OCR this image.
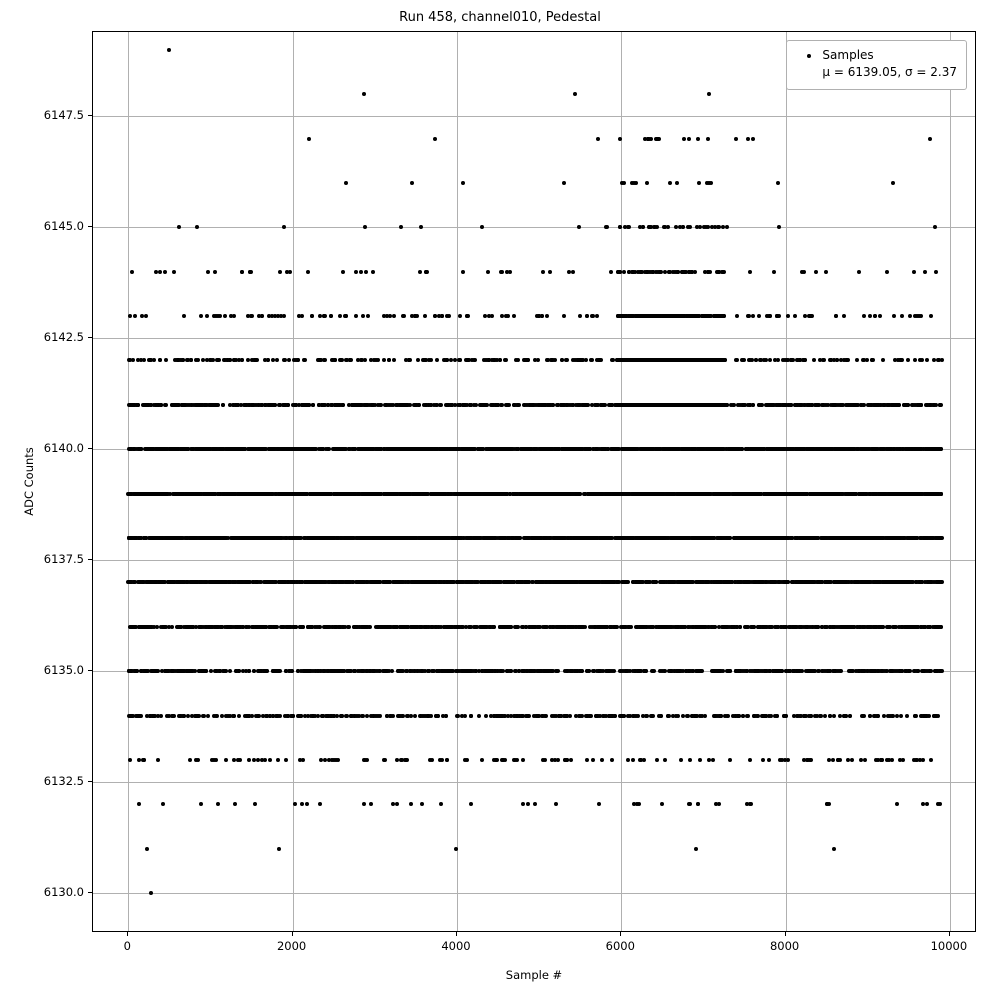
Run 458, channel010, Pedestal
Samples
μ = 6139.05, σ = 2.37
0	2000	4000	6000	8000	10000
6130.0
6132.5
6135.0
6137.5
6140.0
6142.5
6145.0
6147.5
Sample #
ADC Counts
